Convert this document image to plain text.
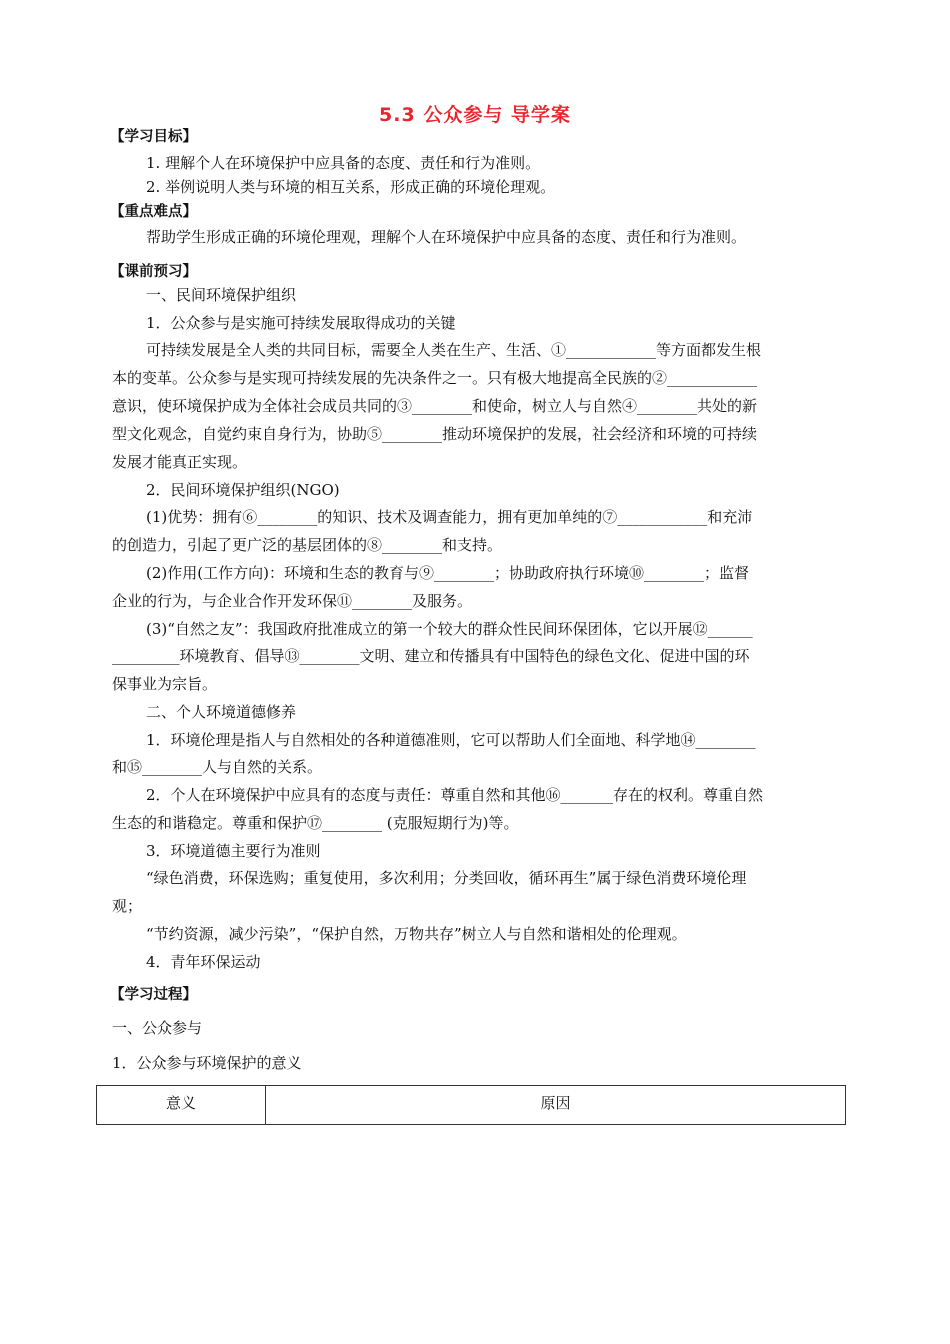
5.3 公众参与 导学案
【学习目标】
1. 理解个人在环境保护中应具备的态度、责任和行为准则。
2. 举例说明人类与环境的相互关系，形成正确的环境伦理观。
【重点难点】
帮助学生形成正确的环境伦理观，理解个人在环境保护中应具备的态度、责任和行为准则。
【课前预习】
一、民间环境保护组织
1．公众参与是实施可持续发展取得成功的关键
可持续发展是全人类的共同目标，需要全人类在生产、生活、①____________等方面都发生根
本的变革。公众参与是实现可持续发展的先决条件之一。只有极大地提高全民族的②____________
意识，使环境保护成为全体社会成员共同的③________和使命，树立人与自然④________共处的新
型文化观念，自觉约束自身行为，协助⑤________推动环境保护的发展，社会经济和环境的可持续
发展才能真正实现。
2．民间环境保护组织(NGO)
(1)优势：拥有⑥________的知识、技术及调查能力，拥有更加单纯的⑦____________和充沛
的创造力，引起了更广泛的基层团体的⑧________和支持。
(2)作用(工作方向)：环境和生态的教育与⑨________；协助政府执行环境⑩________；监督
企业的行为，与企业合作开发环保⑪________及服务。
(3)“自然之友”：我国政府批准成立的第一个较大的群众性民间环保团体，它以开展⑫______
_________环境教育、倡导⑬________文明、建立和传播具有中国特色的绿色文化、促进中国的环
保事业为宗旨。
二、个人环境道德修养
1．环境伦理是指人与自然相处的各种道德准则，它可以帮助人们全面地、科学地⑭________
和⑮________人与自然的关系。
2．个人在环境保护中应具有的态度与责任：尊重自然和其他⑯_______存在的权利。尊重自然
生态的和谐稳定。尊重和保护⑰________ (克服短期行为)等。
3．环境道德主要行为准则
“绿色消费，环保选购；重复使用，多次利用；分类回收，循环再生”属于绿色消费环境伦理
观；
“节约资源，减少污染”，“保护自然，万物共存”树立人与自然和谐相处的伦理观。
4．青年环保运动
【学习过程】
一、公众参与
1．公众参与环境保护的意义
意义	原因
